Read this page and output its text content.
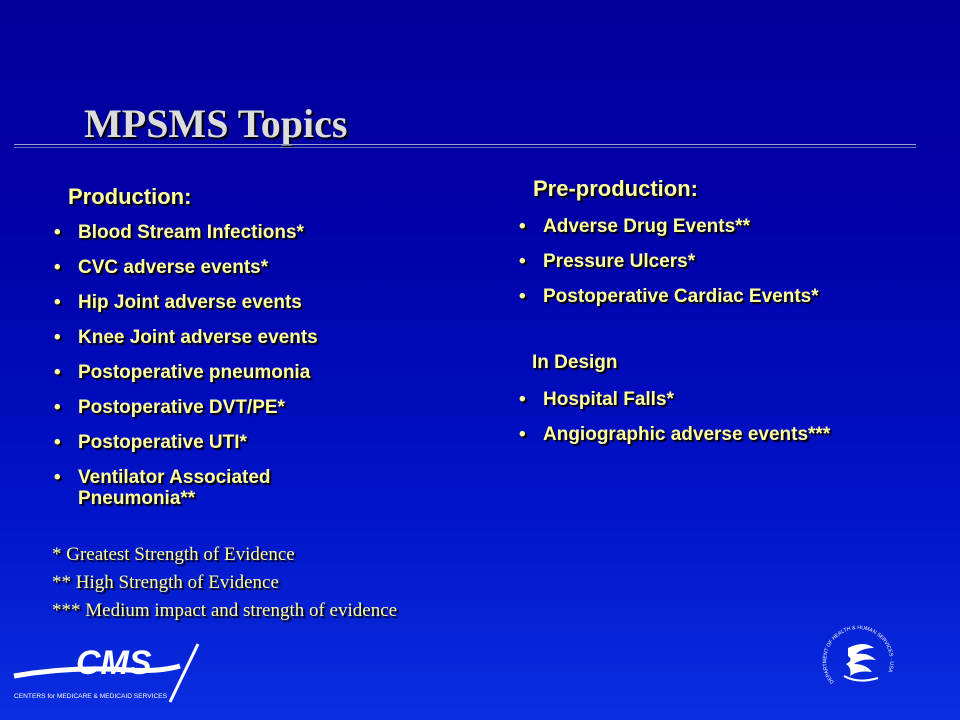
MPSMS Topics
Production:
• Blood Stream Infections*
• CVC adverse events*
• Hip Joint adverse events
• Knee Joint adverse events
• Postoperative pneumonia
• Postoperative DVT/PE*
• Postoperative UTI*
• Ventilator Associated Pneumonia**
Pre-production:
• Adverse Drug Events**
• Pressure Ulcers*
• Postoperative Cardiac Events*
In Design
• Hospital Falls*
• Angiographic adverse events***
* Greatest Strength of Evidence
** High Strength of Evidence
*** Medium impact and strength of evidence
CMS
CENTERS for MEDICARE & MEDICAID SERVICES
DEPARTMENT OF HEALTH & HUMAN SERVICES · USA
